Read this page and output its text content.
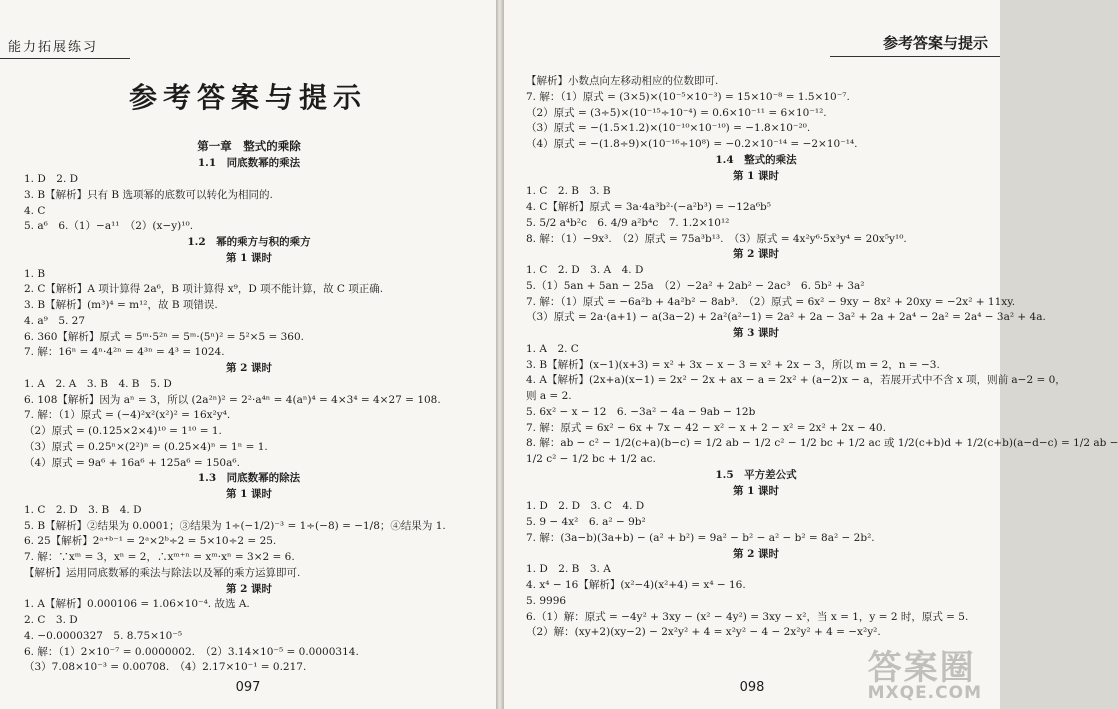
能力拓展练习
参考答案与提示
第一章　整式的乘除
1.1　同底数幂的乘法
1. D　2. D
3. B【解析】只有 B 选项幂的底数可以转化为相同的.
4. C
5. a⁶　6.（1）−a¹¹　（2）(x−y)¹⁰.
1.2　幂的乘方与积的乘方
第 1 课时
1. B
2. C【解析】A 项计算得 2a⁶，B 项计算得 x⁹，D 项不能计算，故 C 项正确.
3. B【解析】(m³)⁴ = m¹²，故 B 项错误.
4. a⁹　5. 27
6. 360【解析】原式 = 5ᵐ·5²ⁿ = 5ᵐ·(5ⁿ)² = 5²×5 = 360.
7. 解：16ⁿ = 4ⁿ·4²ⁿ = 4³ⁿ = 4³ = 1024.
第 2 课时
1. A　2. A　3. B　4. B　5. D
6. 108【解析】因为 aⁿ = 3，所以 (2a²ⁿ)² = 2²·a⁴ⁿ = 4(aⁿ)⁴ = 4×3⁴ = 4×27 = 108.
7. 解：（1）原式 = (−4)²x²(x²)² = 16x²y⁴.
（2）原式 = (0.125×2×4)¹⁰ = 1¹⁰ = 1.
（3）原式 = 0.25ⁿ×(2²)ⁿ = (0.25×4)ⁿ = 1ⁿ = 1.
（4）原式 = 9a⁶ + 16a⁶ + 125a⁶ = 150a⁶.
1.3　同底数幂的除法
第 1 课时
1. C　2. D　3. B　4. D
5. B【解析】②结果为 0.0001；③结果为 1÷(−1/2)⁻³ = 1÷(−8) = −1/8；④结果为 1.
6. 25【解析】2ᵃ⁺ᵇ⁻¹ = 2ᵃ×2ᵇ÷2 = 5×10÷2 = 25.
7. 解：∵xᵐ = 3，xⁿ = 2，∴xᵐ⁺ⁿ = xᵐ·xⁿ = 3×2 = 6.
【解析】运用同底数幂的乘法与除法以及幂的乘方运算即可.
第 2 课时
1. A【解析】0.000106 = 1.06×10⁻⁴. 故选 A.
2. C　3. D
4. −0.0000327　5. 8.75×10⁻⁵
6. 解：（1）2×10⁻⁷ = 0.0000002.　（2）3.14×10⁻⁵ = 0.0000314.
（3）7.08×10⁻³ = 0.00708.　（4）2.17×10⁻¹ = 0.217.
097
参考答案与提示
【解析】小数点向左移动相应的位数即可.
7. 解：（1）原式 = (3×5)×(10⁻⁵×10⁻³) = 15×10⁻⁸ = 1.5×10⁻⁷.
（2）原式 = (3÷5)×(10⁻¹⁵÷10⁻⁴) = 0.6×10⁻¹¹ = 6×10⁻¹².
（3）原式 = −(1.5×1.2)×(10⁻¹⁰×10⁻¹⁰) = −1.8×10⁻²⁰.
（4）原式 = −(1.8÷9)×(10⁻¹⁶÷10⁸) = −0.2×10⁻¹⁴ = −2×10⁻¹⁴.
1.4　整式的乘法
第 1 课时
1. C　2. B　3. B
4. C【解析】原式 = 3a·4a³b²·(−a²b³) = −12a⁶b⁵
5. 5/2 a⁴b²c　6. 4/9 a²b⁴c　7. 1.2×10¹²
8. 解：（1）−9x³.　（2）原式 = 75a³b¹³.　（3）原式 = 4x²y⁶·5x³y⁴ = 20x⁵y¹⁰.
第 2 课时
1. C　2. D　3. A　4. D
5.（1）5an + 5an − 25a　（2）−2a² + 2ab² − 2ac³　6. 5b² + 3a²
7. 解：（1）原式 = −6a²b + 4a²b² − 8ab³.　（2）原式 = 6x² − 9xy − 8x² + 20xy = −2x² + 11xy.
（3）原式 = 2a·(a+1) − a(3a−2) + 2a²(a²−1) = 2a² + 2a − 3a² + 2a + 2a⁴ − 2a² = 2a⁴ − 3a² + 4a.
第 3 课时
1. A　2. C
3. B【解析】(x−1)(x+3) = x² + 3x − x − 3 = x² + 2x − 3，所以 m = 2，n = −3.
4. A【解析】(2x+a)(x−1) = 2x² − 2x + ax − a = 2x² + (a−2)x − a，若展开式中不含 x 项，则前 a−2 = 0，
则 a = 2.
5. 6x² − x − 12　6. −3a² − 4a − 9ab − 12b
7. 解：原式 = 6x² − 6x + 7x − 42 − x² − x + 2 − x² = 2x² + 2x − 40.
8. 解：ab − c² − 1/2(c+a)(b−c) = 1/2 ab − 1/2 c² − 1/2 bc + 1/2 ac 或 1/2(c+b)d + 1/2(c+b)(a−d−c) = 1/2 ab −
1/2 c² − 1/2 bc + 1/2 ac.
1.5　平方差公式
第 1 课时
1. D　2. D　3. C　4. D
5. 9 − 4x²　6. a² − 9b²
7. 解：(3a−b)(3a+b) − (a² + b²) = 9a² − b² − a² − b² = 8a² − 2b².
第 2 课时
1. D　2. B　3. A
4. x⁴ − 16【解析】(x²−4)(x²+4) = x⁴ − 16.
5. 9996
6.（1）解：原式 = −4y² + 3xy − (x² − 4y²) = 3xy − x²，当 x = 1，y = 2 时，原式 = 5.
（2）解：(xy+2)(xy−2) − 2x²y² + 4 = x²y² − 4 − 2x²y² + 4 = −x²y².
098	答案圈
MXQE.COM
